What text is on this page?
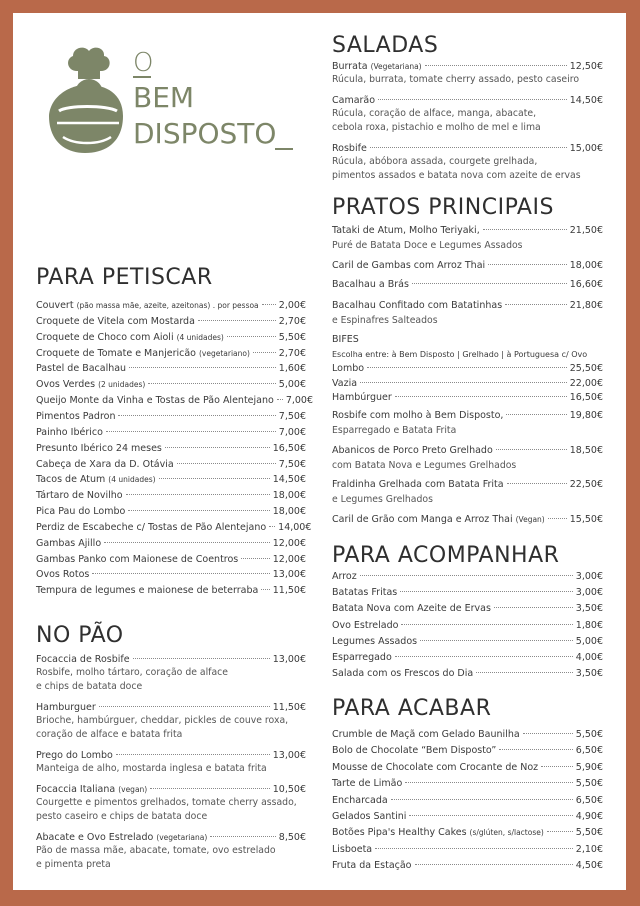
O
BEM
DISPOSTO
PARA PETISCAR
Couvert (pão massa mãe, azeite, azeitonas) . por pessoa 2,00€
Croquete de Vitela com Mostarda	2,70€
Croquete de Choco com Aioli (4 unidades)	5,50€
Croquete de Tomate e Manjericão (vegetariano)	2,70€
Pastel de Bacalhau	1,60€
Ovos Verdes (2 unidades)	5,00€
Queijo Monte da Vinha e Tostas de Pão Alentejano 7,00€
Pimentos Padron	7,50€
Painho Ibérico	7,00€
Presunto Ibérico 24 meses	16,50€
Cabeça de Xara da D. Otávia	7,50€
Tacos de Atum (4 unidades)	14,50€
Tártaro de Novilho	18,00€
Pica Pau do Lombo	18,00€
Perdiz de Escabeche c/ Tostas de Pão Alentejano 14,00€
Gambas Ajillo	12,00€
Gambas Panko com Maionese de Coentros	12,00€
Ovos Rotos	13,00€
Tempura de legumes e maionese de beterraba 11,50€
NO PÃO
Focaccia de Rosbife	13,00€
Rosbife, molho tártaro, coração de alface
e chips de batata doce
Hamburguer	11,50€
Brioche, hambúrguer, cheddar, pickles de couve roxa,
coração de alface e batata frita
Prego do Lombo	13,00€
Manteiga de alho, mostarda inglesa e batata frita
Focaccia Italiana (vegan)	10,50€
Courgette e pimentos grelhados, tomate cherry assado,
pesto caseiro e chips de batata doce
Abacate e Ovo Estrelado (vegetariana)	8,50€
Pão de massa mãe, abacate, tomate, ovo estrelado
e pimenta preta
SALADAS
Burrata (Vegetariana)	12,50€
Rúcula, burrata, tomate cherry assado, pesto caseiro
Camarão	14,50€
Rúcula, coração de alface, manga, abacate,
cebola roxa, pistachio e molho de mel e lima
Rosbife	15,00€
Rúcula, abóbora assada, courgete grelhada,
pimentos assados e batata nova com azeite de ervas
PRATOS PRINCIPAIS
Tataki de Atum, Molho Teriyaki,	21,50€
Puré de Batata Doce e Legumes Assados
Caril de Gambas com Arroz Thai	18,00€
Bacalhau a Brás	16,60€
Bacalhau Confitado com Batatinhas	21,80€
e Espinafres Salteados
BIFES
Escolha entre: à Bem Disposto | Grelhado | à Portuguesa c/ Ovo
Lombo	25,50€
Vazia	22,00€
Hambúrguer	16,50€
Rosbife com molho à Bem Disposto,	19,80€
Esparregado e Batata Frita
Abanicos de Porco Preto Grelhado	18,50€
com Batata Nova e Legumes Grelhados
Fraldinha Grelhada com Batata Frita	22,50€
e Legumes Grelhados
Caril de Grão com Manga e Arroz Thai (Vegan)	15,50€
PARA ACOMPANHAR
Arroz	3,00€
Batatas Fritas	3,00€
Batata Nova com Azeite de Ervas	3,50€
Ovo Estrelado	1,80€
Legumes Assados	5,00€
Esparregado	4,00€
Salada com os Frescos do Dia	3,50€
PARA ACABAR
Crumble de Maçã com Gelado Baunilha	5,50€
Bolo de Chocolate “Bem Disposto”	6,50€
Mousse de Chocolate com Crocante de Noz	5,90€
Tarte de Limão	5,50€
Encharcada	6,50€
Gelados Santini	4,90€
Botões Pipa's Healthy Cakes (s/glúten, s/lactose)	5,50€
Lisboeta	2,10€
Fruta da Estação	4,50€
